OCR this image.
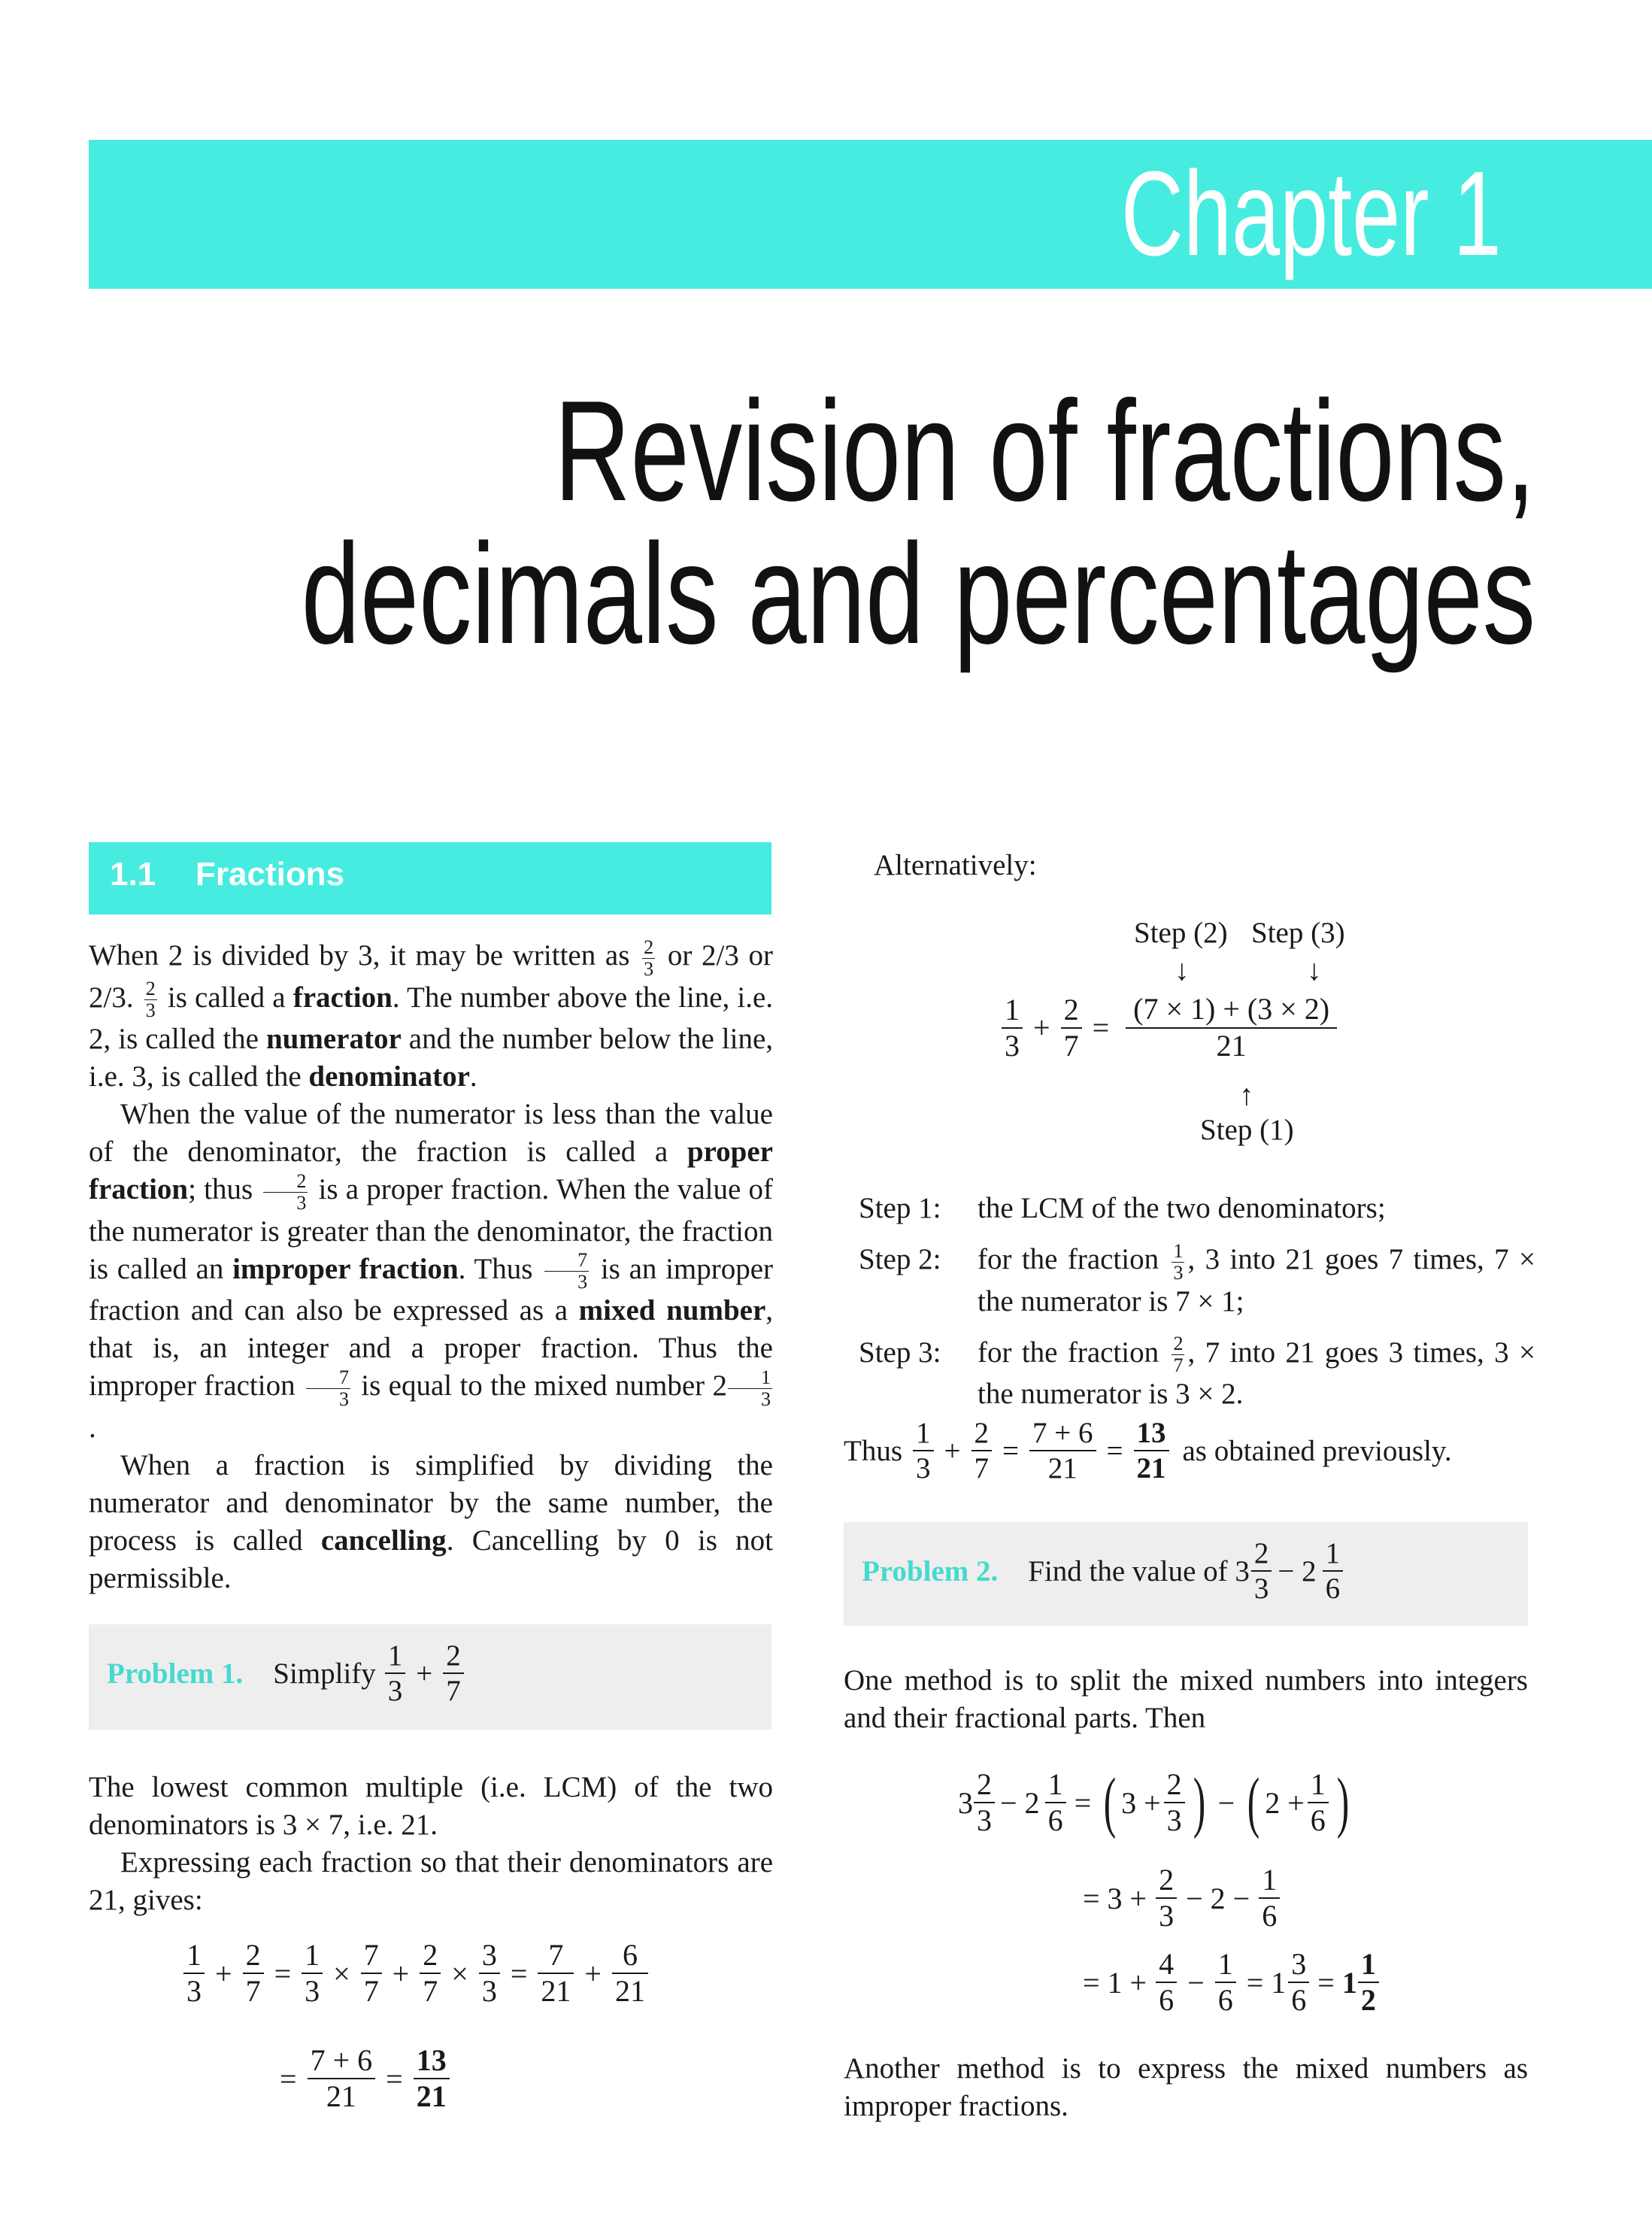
Chapter 1
Revision of fractions,
decimals and percentages
1.1 Fractions

When 2 is divided by 3, it may be written as $\frac{2}{3}$ or 2/3 or 2/3. $\frac{2}{3}$ is called a fraction. The number above the line, i.e. 2, is called the numerator and the number below the line, i.e. 3, is called the denominator.

When the value of the numerator is less than the value of the denominator, the fraction is called a proper fraction; thus $\frac{2}{3}$ is a proper fraction. When the value of the numerator is greater than the denominator, the fraction is called an improper fraction. Thus $\frac{7}{3}$ is an improper fraction and can also be expressed as a mixed number, that is, an integer and a proper fraction. Thus the improper fraction $\frac{7}{3}$ is equal to the mixed number $2 \frac{1}{3}$
.

When a fraction is simplified by dividing the numerator and denominator by the same number, the process is called cancelling. Cancelling by 0 is not permissible.

Problem 1. Simplify $\frac{1}{3} + \frac{2}{7}$

The lowest common multiple (i.e. LCM) of the two denominators is 3 × 7, i.e. 21.

Expressing each fraction so that their denominators are 21, gives:

$\frac{1}{3} + \frac{2}{7} = \frac{1}{3} \times \frac{7}{7} + \frac{2}{7} \times \frac{3}{3} = \frac{7}{21} + \frac{6}{21}$
= $\frac{7 + 6}{21} = \frac{13}{21}$
Alternatively:
Step (2) Step (3)
↓	↓
$\frac{1}{3} + \frac{2}{7} = \frac{(7 \times 1) + (3 \times 2)}{21}$
↑
Step (1)
Step 1:	the LCM of the two denominators;
Step 2:	for the fraction $\frac{1}{3}$ , 3 into 21 goes 7 times, 7 × the numerator is 7 × 1;
Step 3:	for the fraction $\frac{2}{7}$ , 7 into 21 goes 3 times, 3 × the numerator is 3 × 2.
Thus $\frac{1}{3} + \frac{2}{7} = \frac{7 + 6}{21} = \frac{13}{21}$ as obtained previously.
Problem 2. Find the value of $3 \frac{2}{3} - 2 \frac{1}{6}$

One method is to split the mixed numbers into integers and their fractional parts. Then

$3 \frac{2}{3} - 2 \frac{1}{6}$ = ( $3 + \frac{2}{3}$ ) − ( $2 + \frac{1}{6}$ )
= $3 + \frac{2}{3} - 2 - \frac{1}{6}$
= $1 + \frac{4}{6} - \frac{1}{6} = 1 \frac{3}{6} = 1 \frac{1}{2}$

Another method is to express the mixed numbers as improper fractions.
